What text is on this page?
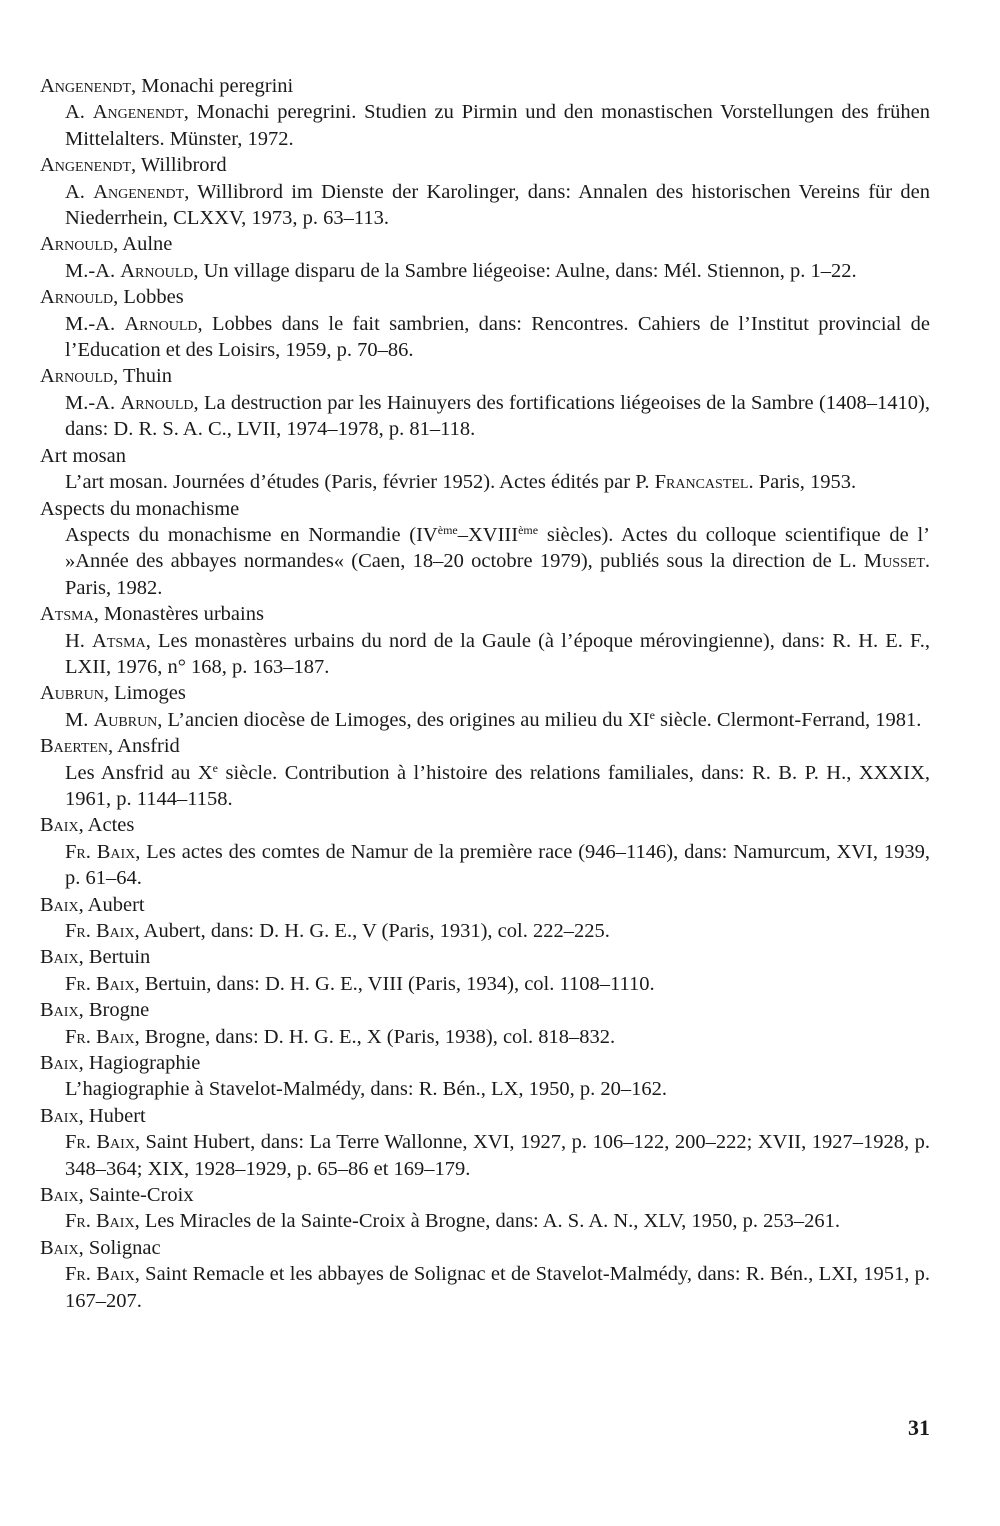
Angenendt, Monachi peregrini
A. Angenendt, Monachi peregrini. Studien zu Pirmin und den monastischen Vorstellungen des frühen Mittelalters. Münster, 1972.
Angenendt, Willibrord
A. Angenendt, Willibrord im Dienste der Karolinger, dans: Annalen des historischen Vereins für den Niederrhein, CLXXV, 1973, p. 63–113.
Arnould, Aulne
M.-A. Arnould, Un village disparu de la Sambre liégeoise: Aulne, dans: Mél. Stiennon, p. 1–22.
Arnould, Lobbes
M.-A. Arnould, Lobbes dans le fait sambrien, dans: Rencontres. Cahiers de l’Institut provincial de l’Education et des Loisirs, 1959, p. 70–86.
Arnould, Thuin
M.-A. Arnould, La destruction par les Hainuyers des fortifications liégeoises de la Sambre (1408–1410), dans: D. R. S. A. C., LVII, 1974–1978, p. 81–118.
Art mosan
L’art mosan. Journées d’études (Paris, février 1952). Actes édités par P. Francastel. Paris, 1953.
Aspects du monachisme
Aspects du monachisme en Normandie (IVème–XVIIIème siècles). Actes du colloque scientifique de l’ »Année des abbayes normandes« (Caen, 18–20 octobre 1979), publiés sous la direction de L. Musset. Paris, 1982.
Atsma, Monastères urbains
H. Atsma, Les monastères urbains du nord de la Gaule (à l’époque mérovingienne), dans: R. H. E. F., LXII, 1976, n° 168, p. 163–187.
Aubrun, Limoges
M. Aubrun, L’ancien diocèse de Limoges, des origines au milieu du XIe siècle. Clermont-Ferrand, 1981.
Baerten, Ansfrid
Les Ansfrid au Xe siècle. Contribution à l’histoire des relations familiales, dans: R. B. P. H., XXXIX, 1961, p. 1144–1158.
Baix, Actes
Fr. Baix, Les actes des comtes de Namur de la première race (946–1146), dans: Namurcum, XVI, 1939, p. 61–64.
Baix, Aubert
Fr. Baix, Aubert, dans: D. H. G. E., V (Paris, 1931), col. 222–225.
Baix, Bertuin
Fr. Baix, Bertuin, dans: D. H. G. E., VIII (Paris, 1934), col. 1108–1110.
Baix, Brogne
Fr. Baix, Brogne, dans: D. H. G. E., X (Paris, 1938), col. 818–832.
Baix, Hagiographie
L’hagiographie à Stavelot-Malmédy, dans: R. Bén., LX, 1950, p. 20–162.
Baix, Hubert
Fr. Baix, Saint Hubert, dans: La Terre Wallonne, XVI, 1927, p. 106–122, 200–222; XVII, 1927–1928, p. 348–364; XIX, 1928–1929, p. 65–86 et 169–179.
Baix, Sainte-Croix
Fr. Baix, Les Miracles de la Sainte-Croix à Brogne, dans: A. S. A. N., XLV, 1950, p. 253–261.
Baix, Solignac
Fr. Baix, Saint Remacle et les abbayes de Solignac et de Stavelot-Malmédy, dans: R. Bén., LXI, 1951, p. 167–207.
31
